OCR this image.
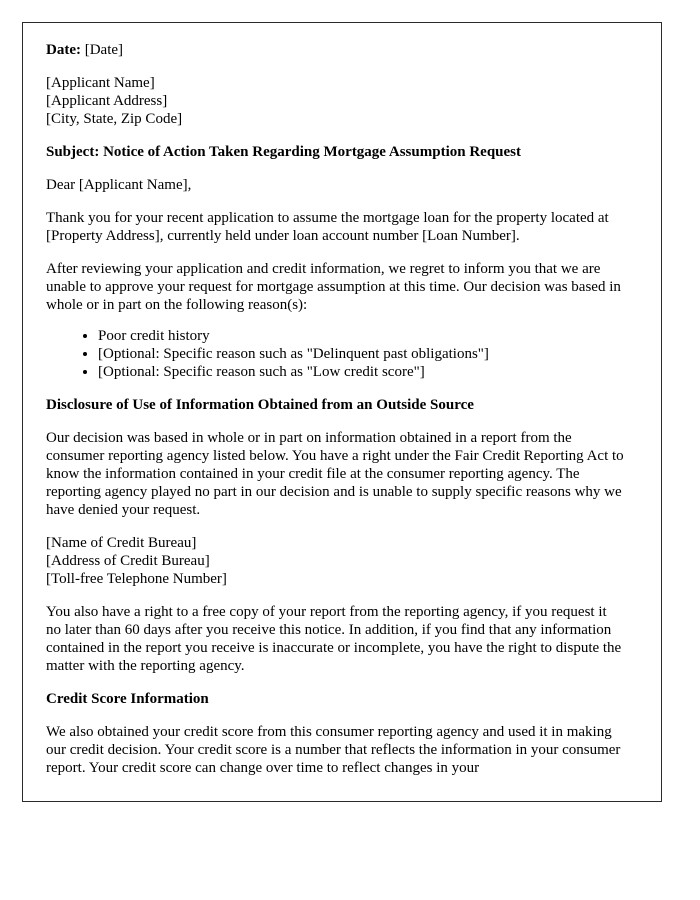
Date: [Date]

[Applicant Name]
[Applicant Address]
[City, State, Zip Code]

Subject: Notice of Action Taken Regarding Mortgage Assumption Request

Dear [Applicant Name],

Thank you for your recent application to assume the mortgage loan for the property located at [Property Address], currently held under loan account number [Loan Number].

After reviewing your application and credit information, we regret to inform you that we are unable to approve your request for mortgage assumption at this time. Our decision was based in whole or in part on the following reason(s):

• Poor credit history
• [Optional: Specific reason such as "Delinquent past obligations"]
• [Optional: Specific reason such as "Low credit score"]

Disclosure of Use of Information Obtained from an Outside Source

Our decision was based in whole or in part on information obtained in a report from the consumer reporting agency listed below. You have a right under the Fair Credit Reporting Act to know the information contained in your credit file at the consumer reporting agency. The reporting agency played no part in our decision and is unable to supply specific reasons why we have denied your request.

[Name of Credit Bureau]
[Address of Credit Bureau]
[Toll-free Telephone Number]

You also have a right to a free copy of your report from the reporting agency, if you request it no later than 60 days after you receive this notice. In addition, if you find that any information contained in the report you receive is inaccurate or incomplete, you have the right to dispute the matter with the reporting agency.

Credit Score Information

We also obtained your credit score from this consumer reporting agency and used it in making our credit decision. Your credit score is a number that reflects the information in your consumer report. Your credit score can change over time to reflect changes in your
